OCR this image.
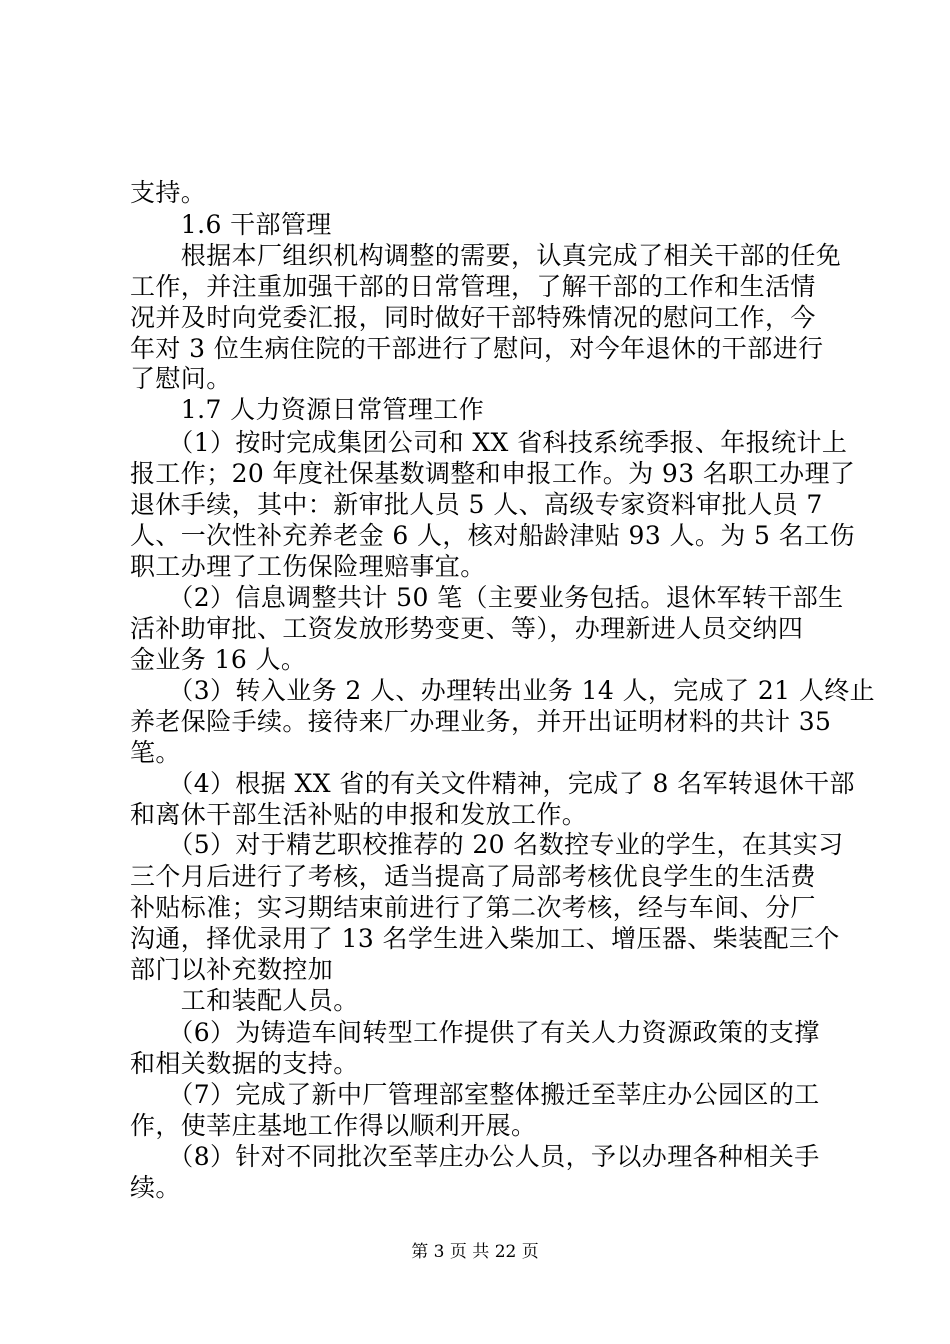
支持。
　　1.6 干部管理
　　根据本厂组织机构调整的需要，认真完成了相关干部的任免
工作，并注重加强干部的日常管理，了解干部的工作和生活情
况并及时向党委汇报，同时做好干部特殊情况的慰问工作，今
年对 3 位生病住院的干部进行了慰问，对今年退休的干部进行
了慰问。
　　1.7 人力资源日常管理工作
　　（1）按时完成集团公司和 XX 省科技系统季报、年报统计上
报工作；20 年度社保基数调整和申报工作。为 93 名职工办理了
退休手续，其中：新审批人员 5 人、高级专家资料审批人员 7
人、一次性补充养老金 6 人，核对船龄津贴 93 人。为 5 名工伤
职工办理了工伤保险理赔事宜。
　　（2）信息调整共计 50 笔（主要业务包括。退休军转干部生
活补助审批、工资发放形势变更、等），办理新进人员交纳四
金业务 16 人。
　　（3）转入业务 2 人、办理转出业务 14 人，完成了 21 人终止
养老保险手续。接待来厂办理业务，并开出证明材料的共计 35
笔。
　　（4）根据 XX 省的有关文件精神，完成了 8 名军转退休干部
和离休干部生活补贴的申报和发放工作。
　　（5）对于精艺职校推荐的 20 名数控专业的学生，在其实习
三个月后进行了考核，适当提高了局部考核优良学生的生活费
补贴标准；实习期结束前进行了第二次考核，经与车间、分厂
沟通，择优录用了 13 名学生进入柴加工、增压器、柴装配三个
部门以补充数控加
　　工和装配人员。
　　（6）为铸造车间转型工作提供了有关人力资源政策的支撑
和相关数据的支持。
　　（7）完成了新中厂管理部室整体搬迁至莘庄办公园区的工
作，使莘庄基地工作得以顺利开展。
　　（8）针对不同批次至莘庄办公人员，予以办理各种相关手
续。
第 3 页 共 22 页
